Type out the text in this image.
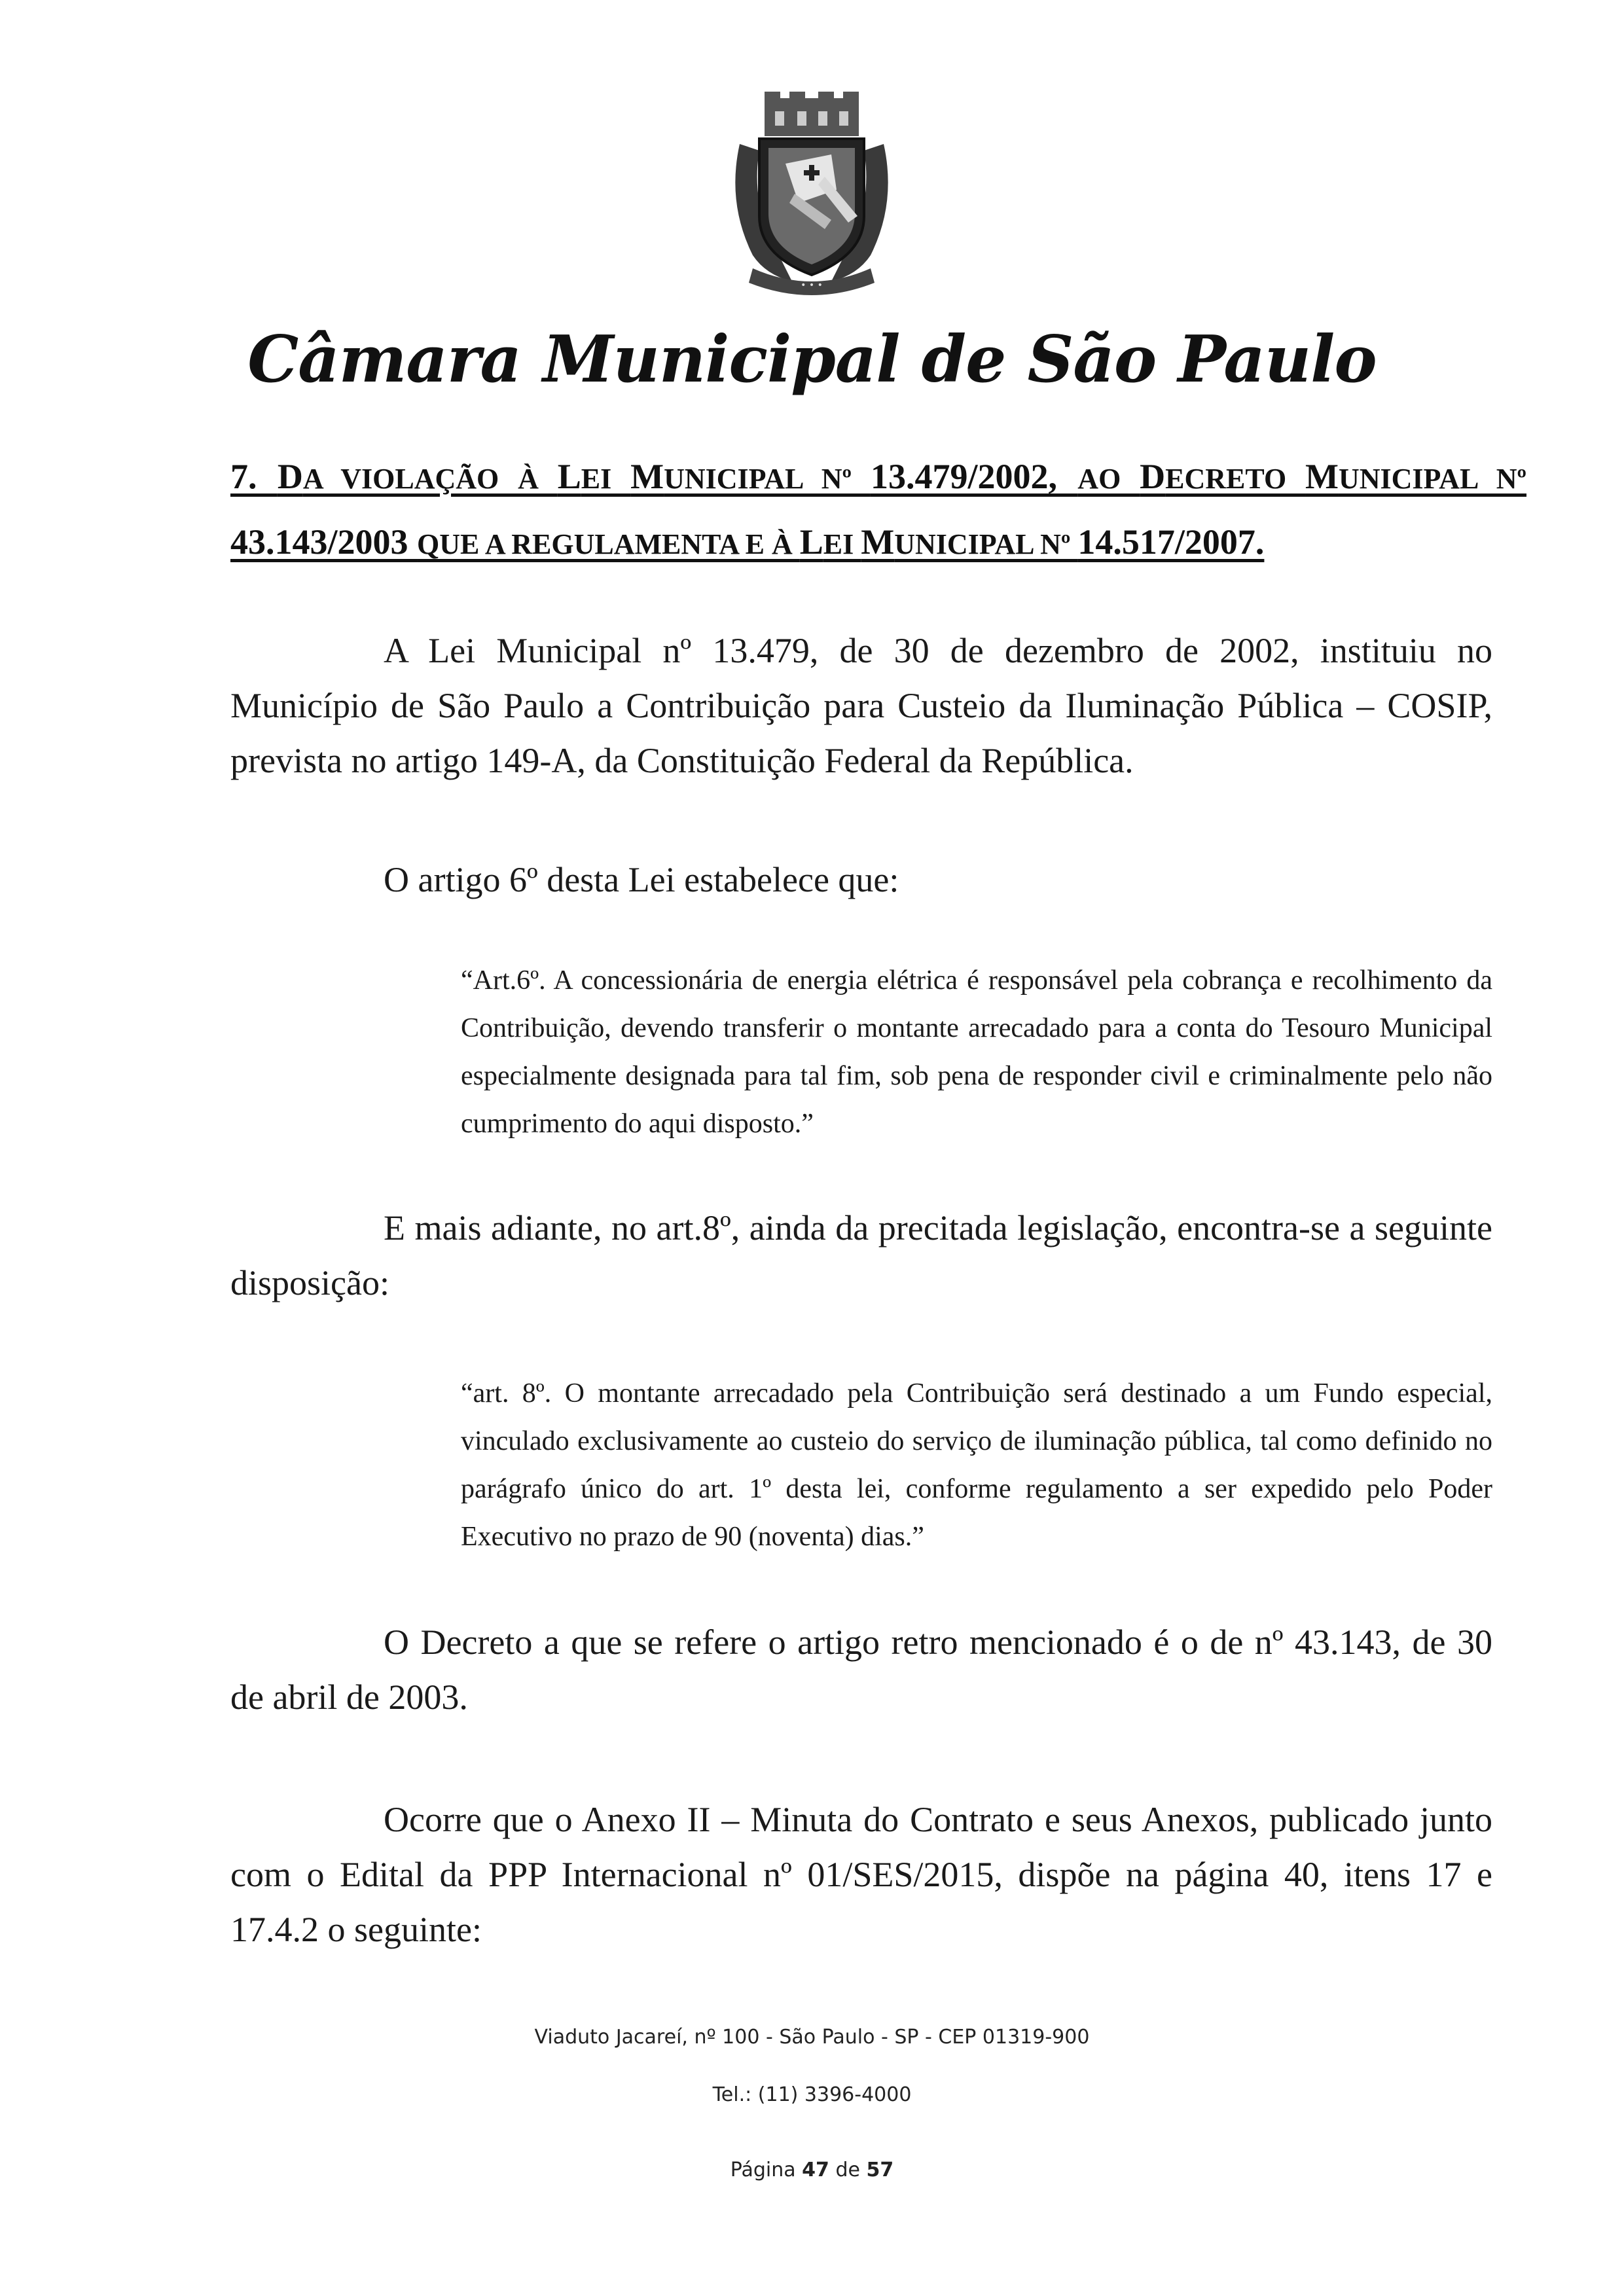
• • •
Câmara Municipal de São Paulo
7. DA VIOLAÇÃO À LEI MUNICIPAL Nº 13.479/2002, AO DECRETO MUNICIPAL Nº 43.143/2003 QUE A REGULAMENTA E À LEI MUNICIPAL Nº 14.517/2007.
A Lei Municipal nº 13.479, de 30 de dezembro de 2002, instituiu no Município de São Paulo a Contribuição para Custeio da Iluminação Pública – COSIP, prevista no artigo 149-A, da Constituição Federal da República.
O artigo 6º desta Lei estabelece que:
“Art.6º. A concessionária de energia elétrica é responsável pela cobrança e recolhimento da Contribuição, devendo transferir o montante arrecadado para a conta do Tesouro Municipal especialmente designada para tal fim, sob pena de responder civil e criminalmente pelo não cumprimento do aqui disposto.”
E mais adiante, no art.8º, ainda da precitada legislação, encontra-se a seguinte disposição:
“art. 8º. O montante arrecadado pela Contribuição será destinado a um Fundo especial, vinculado exclusivamente ao custeio do serviço de iluminação pública, tal como definido no parágrafo único do art. 1º desta lei, conforme regulamento a ser expedido pelo Poder Executivo no prazo de 90 (noventa) dias.”
O Decreto a que se refere o artigo retro mencionado é o de nº 43.143, de 30 de abril de 2003.
Ocorre que o Anexo II – Minuta do Contrato e seus Anexos, publicado junto com o Edital da PPP Internacional nº 01/SES/2015, dispõe na página 40, itens 17 e 17.4.2 o seguinte:
Viaduto Jacareí, nº 100 - São Paulo - SP - CEP 01319-900
Tel.: (11) 3396-4000
Página 47 de 57
